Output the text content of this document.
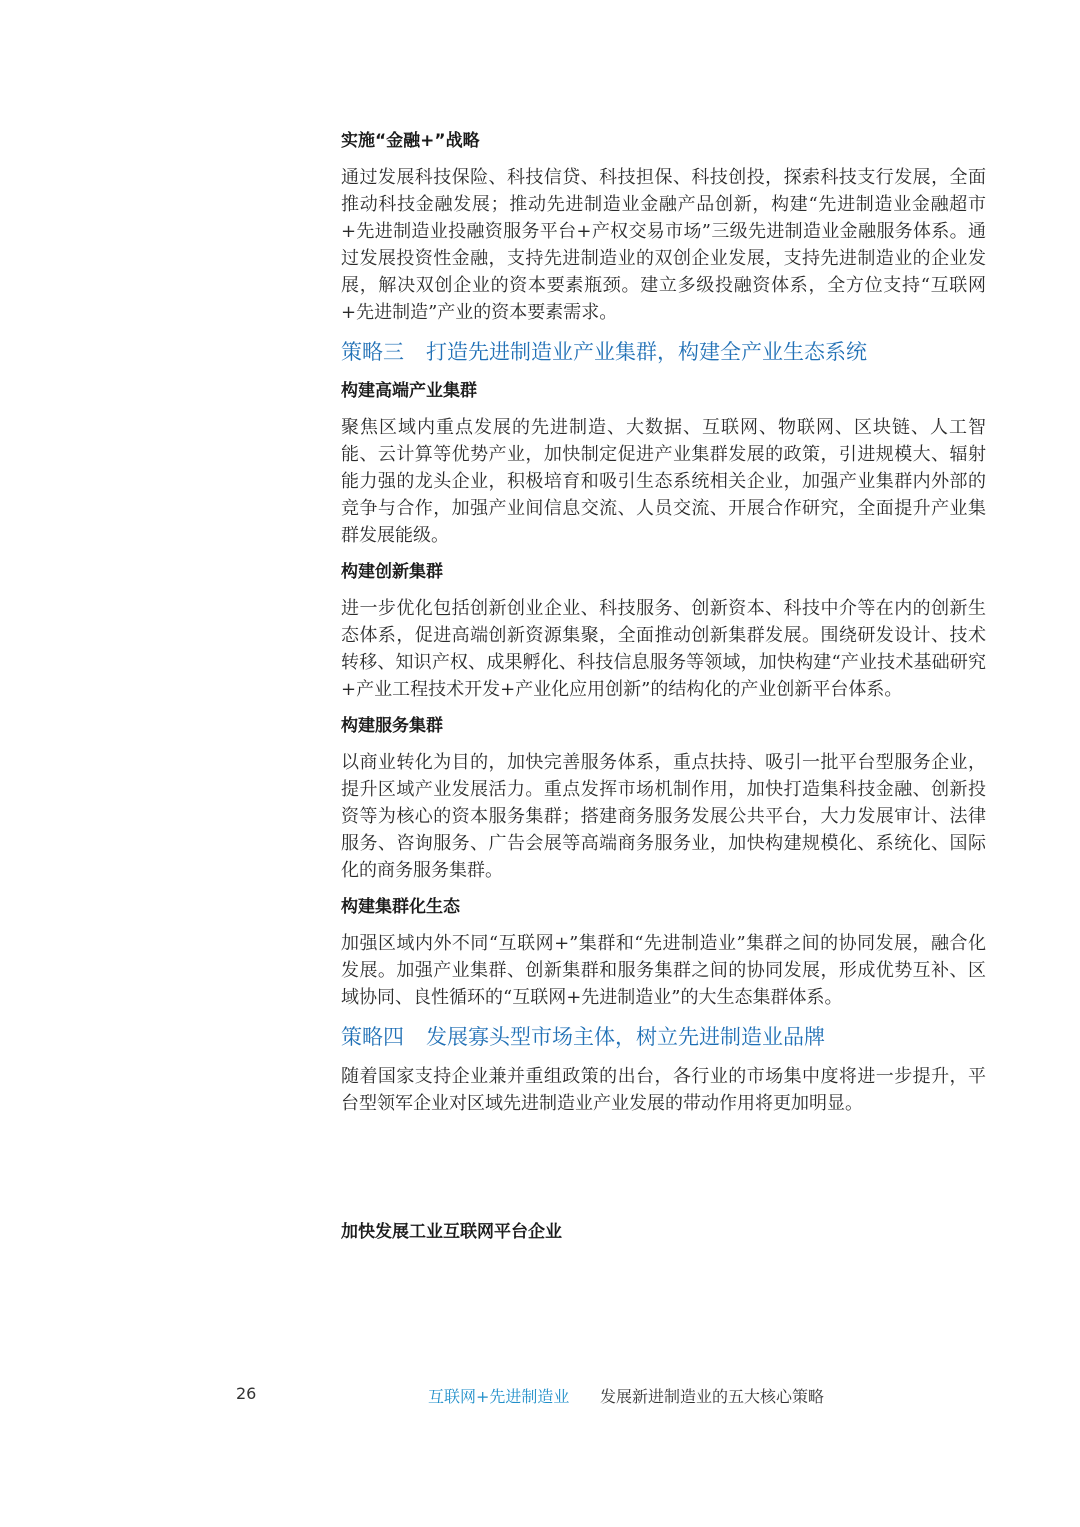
实施“金融+”战略
通过发展科技保险、科技信贷、科技担保、科技创投，探索科技支行发展，全面推动科技金融发展；推动先进制造业金融产品创新，构建“先进制造业金融超市+先进制造业投融资服务平台+产权交易市场”三级先进制造业金融服务体系。通过发展投资性金融，支持先进制造业的双创企业发展，支持先进制造业的企业发展，解决双创企业的资本要素瓶颈。建立多级投融资体系，全方位支持“互联网+先进制造”产业的资本要素需求。
策略三 打造先进制造业产业集群，构建全产业生态系统
构建高端产业集群
聚焦区域内重点发展的先进制造、大数据、互联网、物联网、区块链、人工智能、云计算等优势产业，加快制定促进产业集群发展的政策，引进规模大、辐射能力强的龙头企业，积极培育和吸引生态系统相关企业，加强产业集群内外部的竞争与合作，加强产业间信息交流、人员交流、开展合作研究，全面提升产业集群发展能级。
构建创新集群
进一步优化包括创新创业企业、科技服务、创新资本、科技中介等在内的创新生态体系，促进高端创新资源集聚，全面推动创新集群发展。围绕研发设计、技术转移、知识产权、成果孵化、科技信息服务等领域，加快构建“产业技术基础研究+产业工程技术开发+产业化应用创新”的结构化的产业创新平台体系。
构建服务集群
以商业转化为目的，加快完善服务体系，重点扶持、吸引一批平台型服务企业，提升区域产业发展活力。重点发挥市场机制作用，加快打造集科技金融、创新投资等为核心的资本服务集群；搭建商务服务发展公共平台，大力发展审计、法律服务、咨询服务、广告会展等高端商务服务业，加快构建规模化、系统化、国际化的商务服务集群。
构建集群化生态
加强区域内外不同“互联网+”集群和“先进制造业”集群之间的协同发展，融合化发展。加强产业集群、创新集群和服务集群之间的协同发展，形成优势互补、区域协同、良性循环的“互联网+先进制造业”的大生态集群体系。
策略四 发展寡头型市场主体，树立先进制造业品牌
随着国家支持企业兼并重组政策的出台，各行业的市场集中度将进一步提升，平台型领军企业对区域先进制造业产业发展的带动作用将更加明显。
加快发展工业互联网平台企业
26	互联网+先进制造业 发展新进制造业的五大核心策略
